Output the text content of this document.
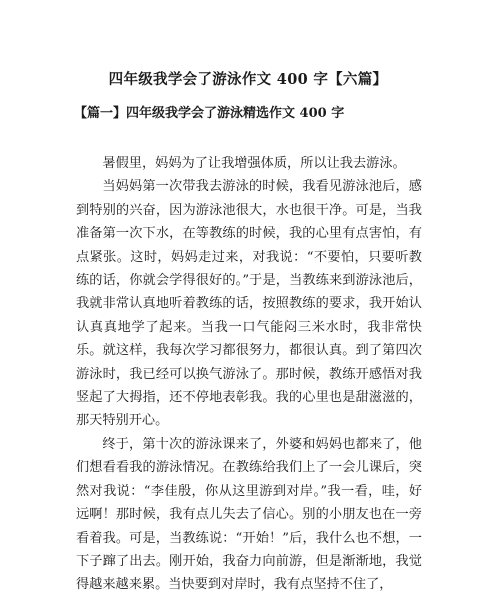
四年级我学会了游泳作文 400 字【六篇】
【篇一】四年级我学会了游泳精选作文 400 字

暑假里，妈妈为了让我增强体质，所以让我去游泳。

当妈妈第一次带我去游泳的时候，我看见游泳池后，感到特别的兴奋，因为游泳池很大，水也很干净。可是，当我准备第一次下水，在等教练的时候，我的心里有点害怕，有点紧张。这时，妈妈走过来，对我说：“不要怕，只要听教练的话，你就会学得很好的。”于是，当教练来到游泳池后，我就非常认真地听着教练的话，按照教练的要求，我开始认认真真地学了起来。当我一口气能闷三米水时，我非常快乐。就这样，我每次学习都很努力，都很认真。到了第四次游泳时，我已经可以换气游泳了。那时候，教练开感悟对我竖起了大拇指，还不停地表彰我。我的心里也是甜滋滋的，那天特别开心。

终于，第十次的游泳课来了，外婆和妈妈也都来了，他们想看看我的游泳情况。在教练给我们上了一会儿课后，突然对我说：“李佳殷，你从这里游到对岸。”我一看，哇，好远啊！那时候，我有点儿失去了信心。别的小朋友也在一旁看着我。可是，当教练说：“开始！”后，我什么也不想，一下子蹿了出去。刚开始，我奋力向前游，但是渐渐地，我觉得越来越来累。当快要到对岸时，我有点坚持不住了，
